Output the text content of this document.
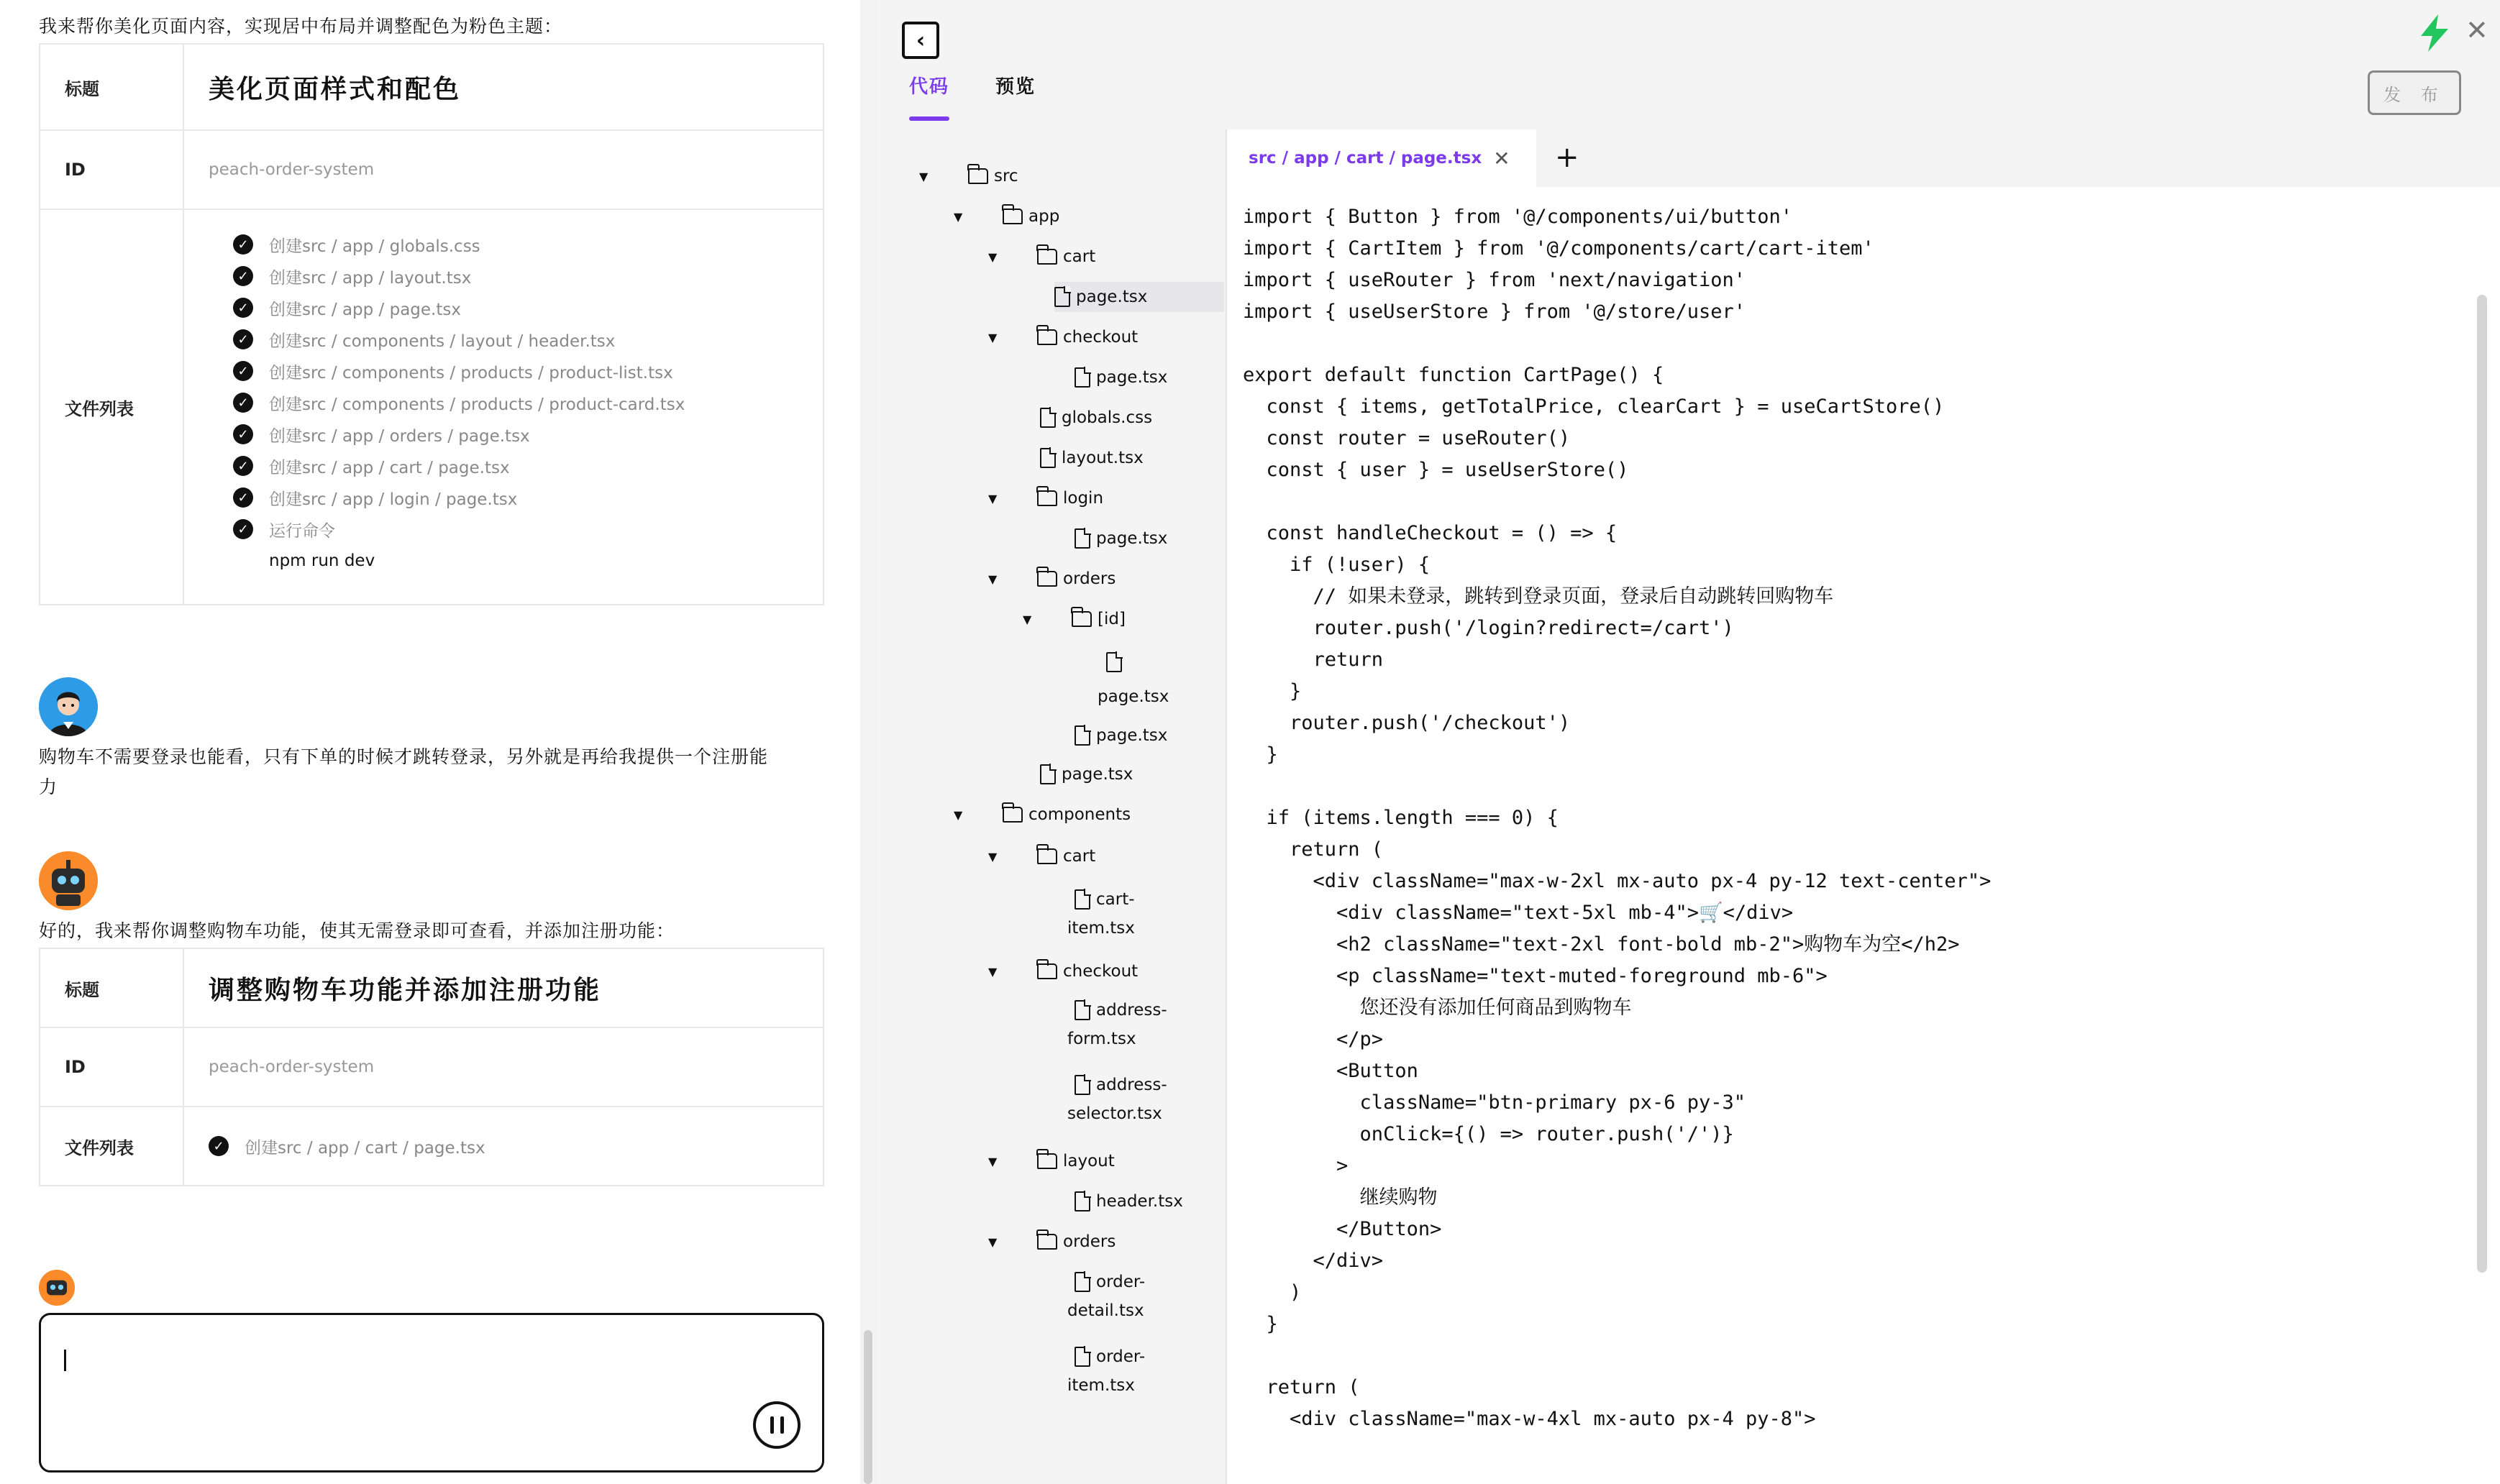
我来帮你美化页面内容，实现居中布局并调整配色为粉色主题：
标题	美化页面样式和配色
ID	peach-order-system
文件列表
✓ 创建src / app / globals.css
✓ 创建src / app / layout.tsx
✓ 创建src / app / page.tsx
✓ 创建src / components / layout / header.tsx
✓ 创建src / components / products / product-list.tsx
✓ 创建src / components / products / product-card.tsx
✓ 创建src / app / orders / page.tsx
✓ 创建src / app / cart / page.tsx
✓ 创建src / app / login / page.tsx
✓ 运行命令
npm run dev
购物车不需要登录也能看，只有下单的时候才跳转登录，另外就是再给我提供一个注册能
力
好的，我来帮你调整购物车功能，使其无需登录即可查看，并添加注册功能：
标题	调整购物车功能并添加注册功能
ID	peach-order-system
文件列表	✓ 创建src / app / cart / page.tsx
‹
代码 预览
✕
发 布
▼	src
▼	app
▼	cart
page.tsx
▼	checkout
page.tsx
globals.css
layout.tsx
▼	login
page.tsx
▼	orders
▼	[id]
page.tsx
page.tsx
page.tsx
▼	components
▼	cart
cart-
item.tsx
▼	checkout
address-
form.tsx
address-
selector.tsx
▼	layout
header.tsx
▼	orders
order-
detail.tsx
order-
item.tsx
src / app / cart / page.tsx ✕ +
import { Button } from '@/components/ui/button'
import { CartItem } from '@/components/cart/cart-item'
import { useRouter } from 'next/navigation'
import { useUserStore } from '@/store/user'
export default function CartPage() {
const { items, getTotalPrice, clearCart } = useCartStore()
const router = useRouter()
const { user } = useUserStore()
const handleCheckout = () => {
if (!user) {
// 如果未登录，跳转到登录页面，登录后自动跳转回购物车
router.push('/login?redirect=/cart')
return
}
router.push('/checkout')
}
if (items.length === 0) {
return (
<div className="max-w-2xl mx-auto px-4 py-12 text-center">
<div className="text-5xl mb-4">🛒</div>
<h2 className="text-2xl font-bold mb-2">购物车为空</h2>
<p className="text-muted-foreground mb-6">
您还没有添加任何商品到购物车
</p>
<Button
className="btn-primary px-6 py-3"
onClick={() => router.push('/')}
>
继续购物
</Button>
</div>
)
}
return (
<div className="max-w-4xl mx-auto px-4 py-8">
